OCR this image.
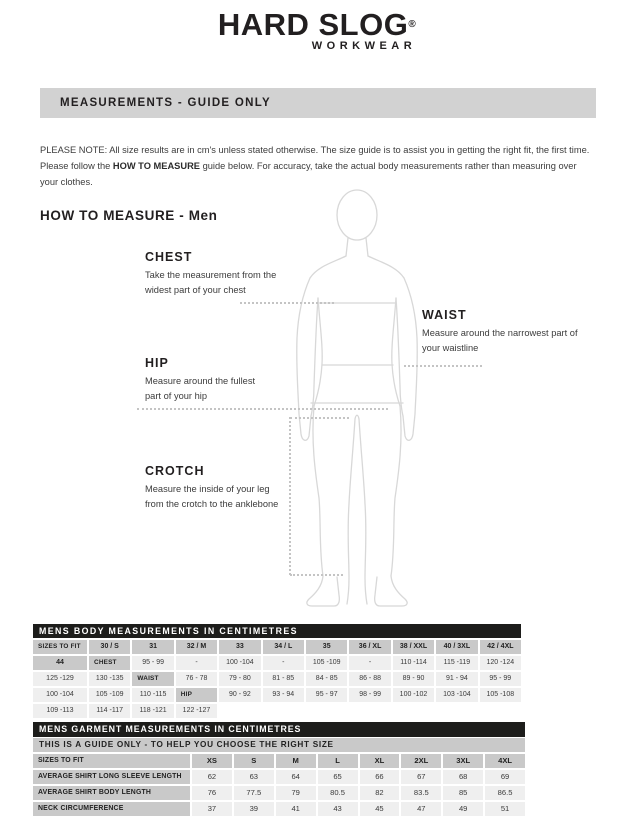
HARD SLOG®
WORKWEAR
MEASUREMENTS - GUIDE ONLY

PLEASE NOTE: All size results are in cm's unless stated otherwise. The size guide is to assist you in getting the right fit, the first time. Please follow the HOW TO MEASURE guide below. For accuracy, take the actual body measurements rather than measuring over your clothes.

HOW TO MEASURE - Men
CHEST

Take the measurement from the widest part of your chest

WAIST

Measure around the narrowest part of your waistline

HIP

Measure around the fullest part of your hip

CROTCH

Measure the inside of your leg from the crotch to the anklebone

MENS BODY MEASUREMENTS IN CENTIMETRES
SIZES TO FIT	30 / S	31	32 / M	33	34 / L	35	36 / XL	38 / XXL	40 / 3XL	42 / 4XL
44	CHEST	95 - 99	-	100 -104	-	105 -109	-	110 -114	115 -119	120 -124
125 -129	130 -135	WAIST	76 - 78	79 - 80	81 - 85	84 - 85	86 - 88	89 - 90	91 - 94	95 - 99
100 -104	105 -109	110 -115	HIP	90 - 92	93 - 94	95 - 97	98 - 99	100 -102	103 -104	105 -108
109 -113	114 -117	118 -121	122 -127
MENS GARMENT MEASUREMENTS IN CENTIMETRES
THIS IS A GUIDE ONLY - TO HELP YOU CHOOSE THE RIGHT SIZE
SIZES TO FIT	XS	S	M	L	XL	2XL	3XL	4XL
AVERAGE SHIRT LONG SLEEVE LENGTH	62	63	64	65	66	67	68	69
AVERAGE SHIRT BODY LENGTH	76	77.5	79	80.5	82	83.5	85	86.5
NECK CIRCUMFERENCE	37	39	41	43	45	47	49	51
